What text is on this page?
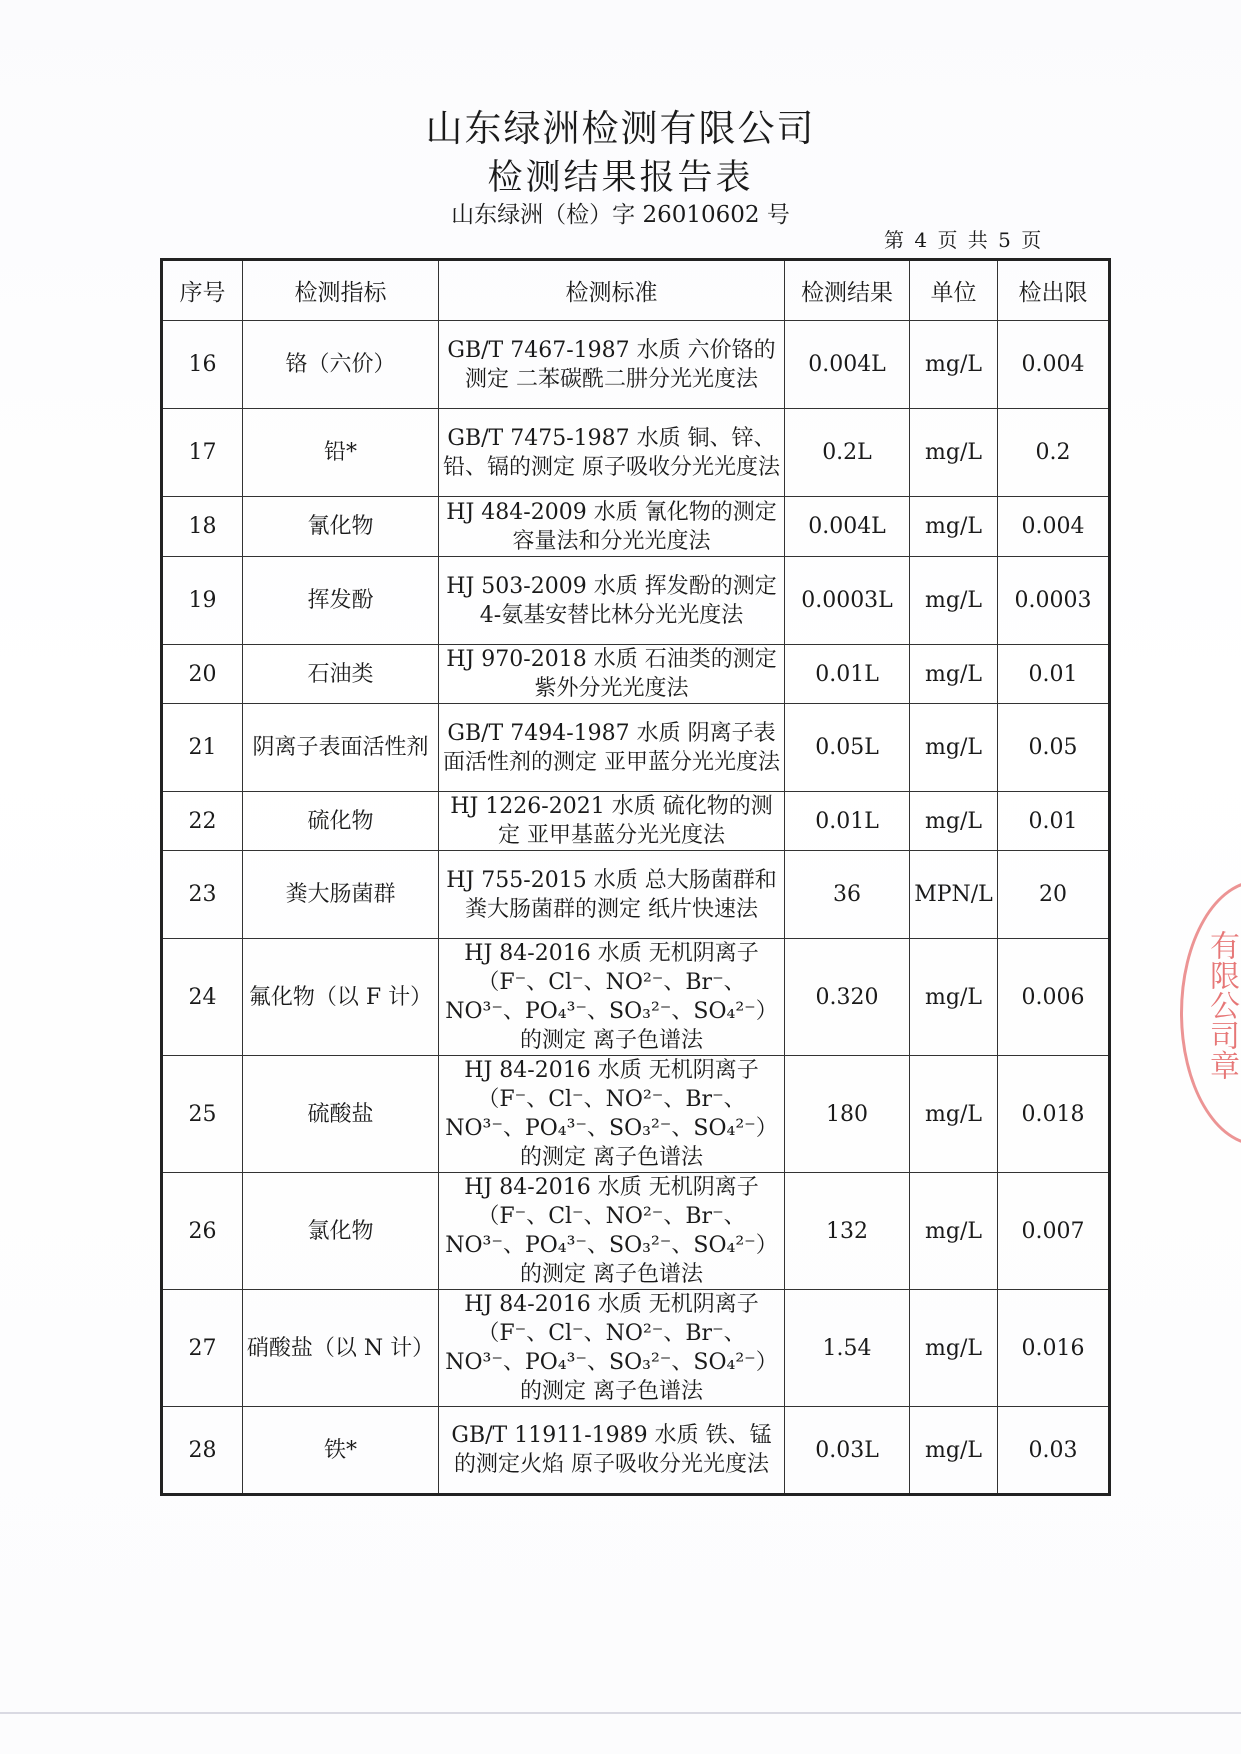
山东绿洲检测有限公司
检测结果报告表
山东绿洲（检）字 26010602 号
第 4 页 共 5 页
序号	检测指标	检测标准	检测结果	单位	检出限
16	铬（六价）	GB/T 7467-1987 水质 六价铬的测定 二苯碳酰二肼分光光度法	0.004L	mg/L	0.004
17	铅*	GB/T 7475-1987 水质 铜、锌、铅、镉的测定 原子吸收分光光度法	0.2L	mg/L	0.2
18	氰化物	HJ 484-2009 水质 氰化物的测定 容量法和分光光度法	0.004L	mg/L	0.004
19	挥发酚	HJ 503-2009 水质 挥发酚的测定 4-氨基安替比林分光光度法	0.0003L	mg/L	0.0003
20	石油类	HJ 970-2018 水质 石油类的测定 紫外分光光度法	0.01L	mg/L	0.01
21	阴离子表面活性剂	GB/T 7494-1987 水质 阴离子表面活性剂的测定 亚甲蓝分光光度法	0.05L	mg/L	0.05
22	硫化物	HJ 1226-2021 水质 硫化物的测定 亚甲基蓝分光光度法	0.01L	mg/L	0.01
23	粪大肠菌群	HJ 755-2015 水质 总大肠菌群和粪大肠菌群的测定 纸片快速法	36	MPN/L	20
24	氟化物（以 F 计）	HJ 84-2016 水质 无机阴离子（F⁻、Cl⁻、NO²⁻、Br⁻、NO³⁻、PO₄³⁻、SO₃²⁻、SO₄²⁻）的测定 离子色谱法	0.320	mg/L	0.006
25	硫酸盐	HJ 84-2016 水质 无机阴离子（F⁻、Cl⁻、NO²⁻、Br⁻、NO³⁻、PO₄³⁻、SO₃²⁻、SO₄²⁻）的测定 离子色谱法	180	mg/L	0.018
26	氯化物	HJ 84-2016 水质 无机阴离子（F⁻、Cl⁻、NO²⁻、Br⁻、NO³⁻、PO₄³⁻、SO₃²⁻、SO₄²⁻）的测定 离子色谱法	132	mg/L	0.007
27	硝酸盐（以 N 计）	HJ 84-2016 水质 无机阴离子（F⁻、Cl⁻、NO²⁻、Br⁻、NO³⁻、PO₄³⁻、SO₃²⁻、SO₄²⁻）的测定 离子色谱法	1.54	mg/L	0.016
28	铁*	GB/T 11911-1989 水质 铁、锰的测定火焰 原子吸收分光光度法	0.03L	mg/L	0.03
有限公司章
